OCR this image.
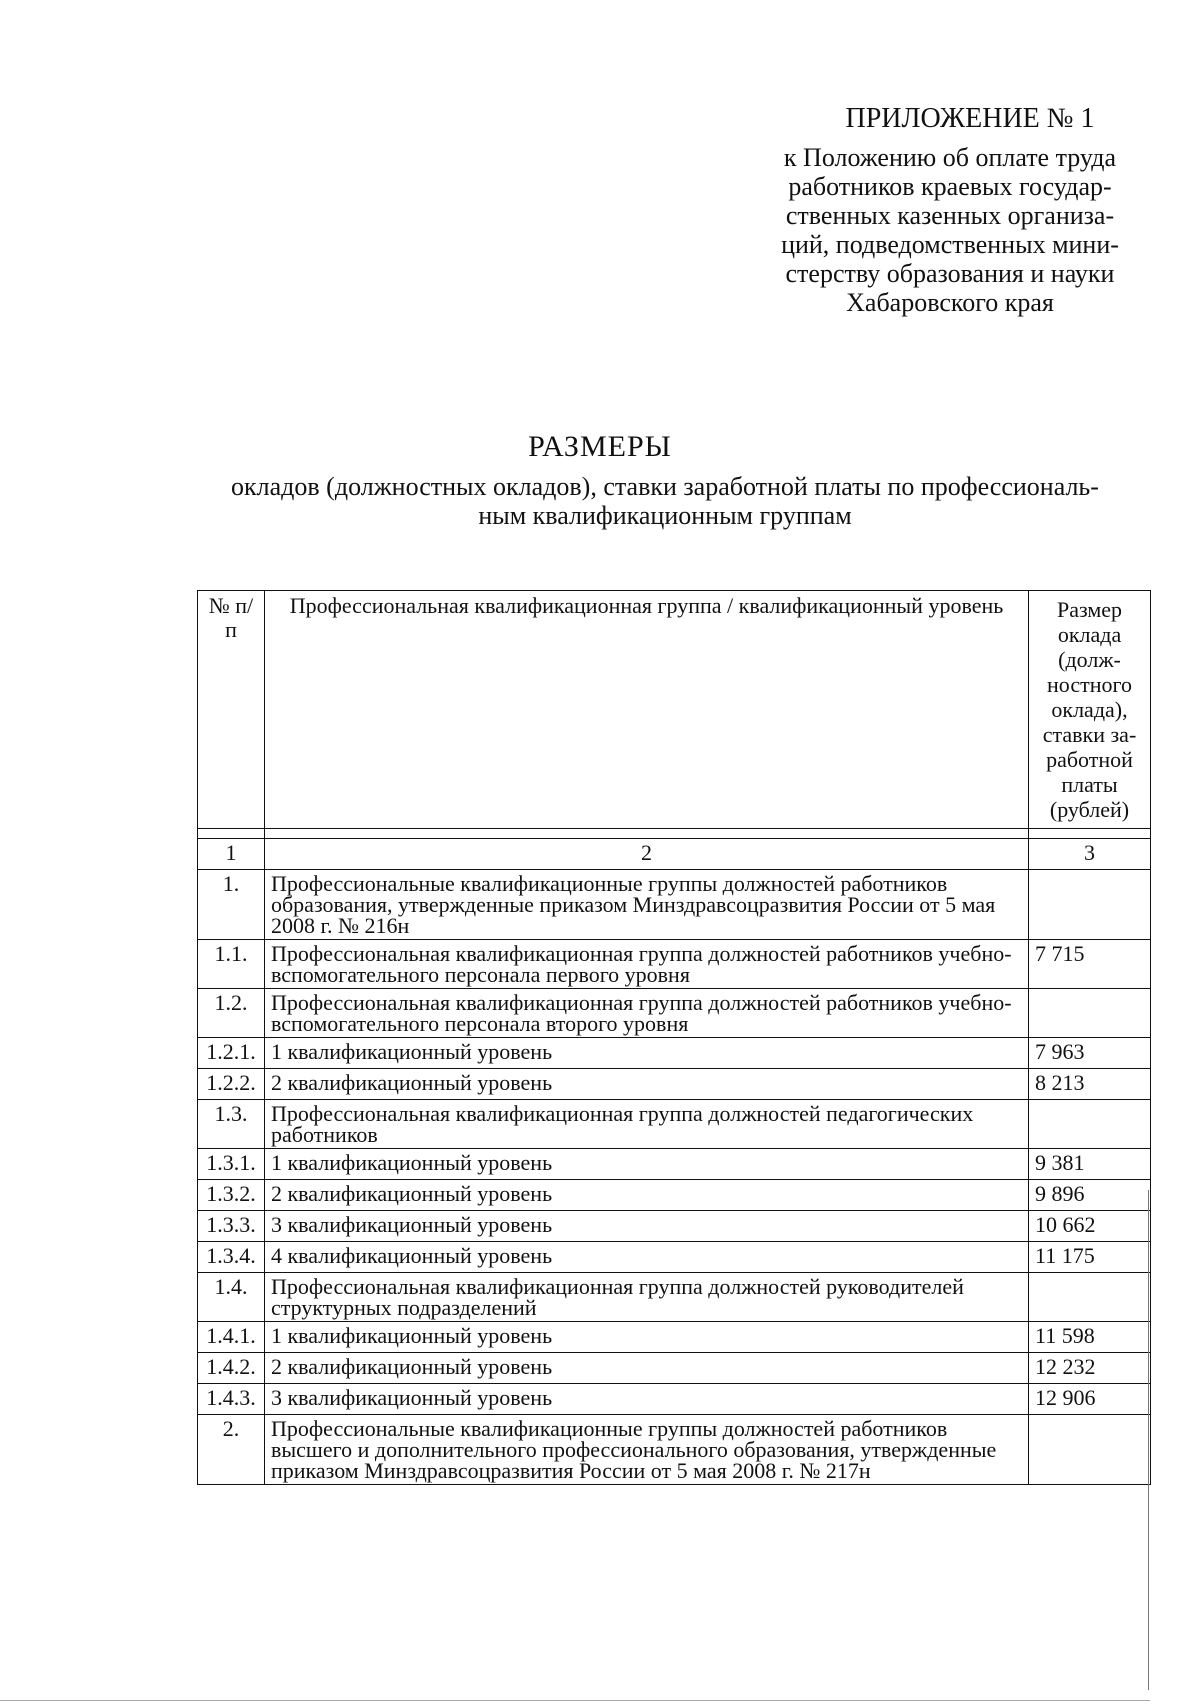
ПРИЛОЖЕНИЕ № 1
к Положению об оплате труда
работников краевых государ-
ственных казенных организа-
ций, подведомственных мини-
стерству образования и науки
Хабаровского края
РАЗМЕРЫ
окладов (должностных окладов), ставки заработной платы по профессиональ-
ным квалификационным группам
№ п/п	Профессиональная квалификационная группа / квалификационный уровень	Размер оклада (долж-ностного оклада), ставки за-работной платы (рублей)

1	2	3
1.	Профессиональные квалификационные группы должностей работников образования, утвержденные приказом Минздравсоцразвития России от 5 мая 2008 г. № 216н	
1.1.	Профессиональная квалификационная группа должностей работников учебно-вспомогательного персонала первого уровня	7 715
1.2.	Профессиональная квалификационная группа должностей работников учебно-вспомогательного персонала второго уровня	
1.2.1.	1 квалификационный уровень	7 963
1.2.2.	2 квалификационный уровень	8 213
1.3.	Профессиональная квалификационная группа должностей педагогических работников	
1.3.1.	1 квалификационный уровень	9 381
1.3.2.	2 квалификационный уровень	9 896
1.3.3.	3 квалификационный уровень	10 662
1.3.4.	4 квалификационный уровень	11 175
1.4.	Профессиональная квалификационная группа должностей руководителей структурных подразделений	
1.4.1.	1 квалификационный уровень	11 598
1.4.2.	2 квалификационный уровень	12 232
1.4.3.	3 квалификационный уровень	12 906
2.	Профессиональные квалификационные группы должностей работников высшего и дополнительного профессионального образования, утвержденные приказом Минздравсоцразвития России от 5 мая 2008 г. № 217н	
